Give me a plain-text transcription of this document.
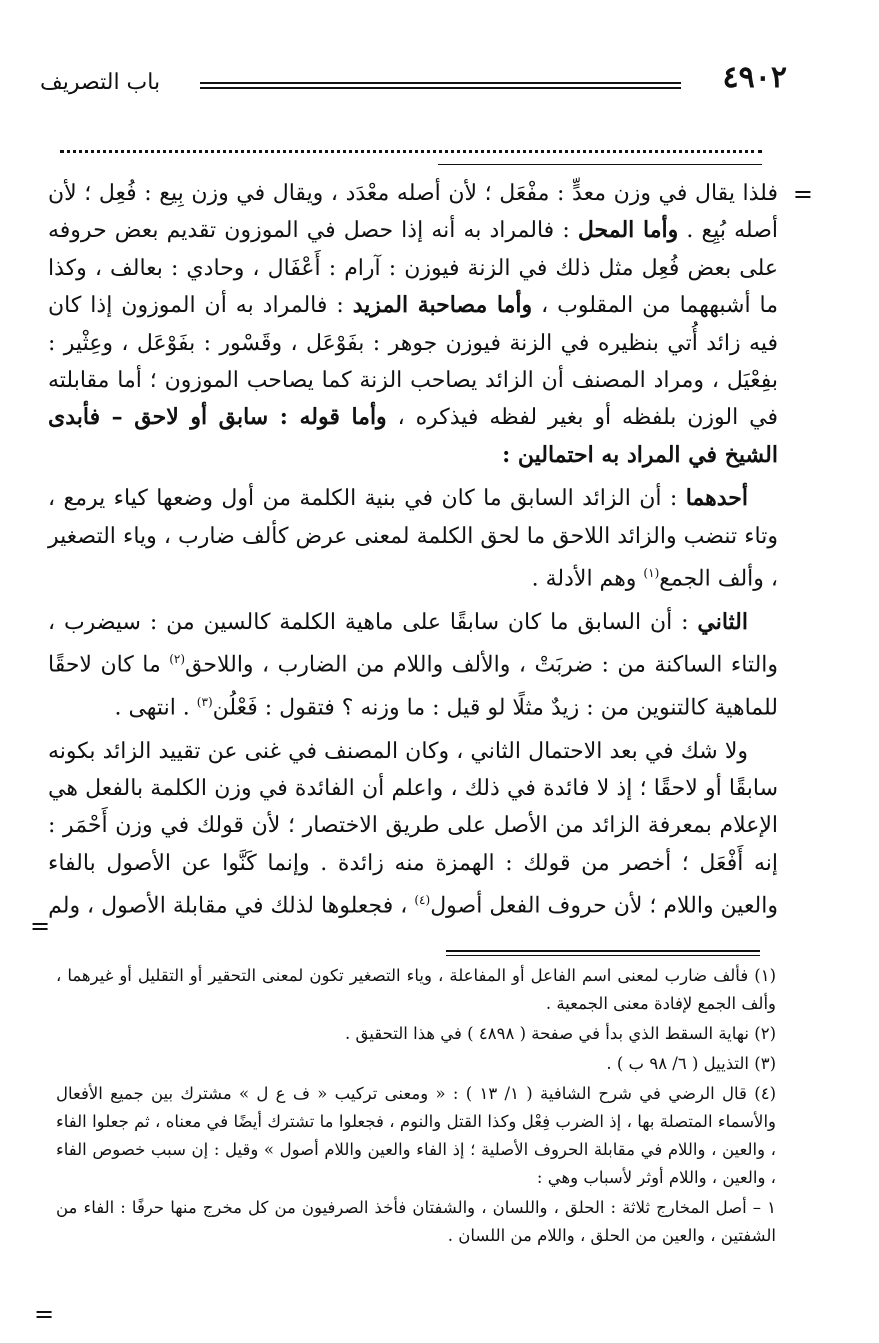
٤٩٠٢
باب التصريف
=

فلذا يقال في وزن معدٍّ : مفْعَل ؛ لأن أصله معْدَد ، ويقال في وزن بِيع : فُعِل ؛ لأن أصله بُيِع . وأما المحل : فالمراد به أنه إذا حصل في الموزون تقديم بعض حروفه على بعض فُعِل مثل ذلك في الزنة فيوزن : آرام : أَعْفَال ، وحادي : بعالف ، وكذا ما أشبههما من المقلوب ، وأما مصاحبة المزيد : فالمراد به أن الموزون إذا كان فيه زائد أُتي بنظيره في الزنة فيوزن جوهر : بفَوْعَل ، وقَسْور : بفَوْعَل ، وعِثْير : بفِعْيَل ، ومراد المصنف أن الزائد يصاحب الزنة كما يصاحب الموزون ؛ أما مقابلته في الوزن بلفظه أو بغير لفظه فيذكره ، وأما قوله : سابق أو لاحق – فأبدى الشيخ في المراد به احتمالين :

أحدهما : أن الزائد السابق ما كان في بنية الكلمة من أول وضعها كياء يرمع ، وتاء تنضب والزائد اللاحق ما لحق الكلمة لمعنى عرض كألف ضارب ، وياء التصغير ، وألف الجمع$^{(١)}$ وهم الأدلة .

الثاني : أن السابق ما كان سابقًا على ماهية الكلمة كالسين من : سيضرب ، والتاء الساكنة من : ضربَتْ ، والألف واللام من الضارب ، واللاحق$^{(٢)}$ ما كان لاحقًا للماهية كالتنوين من : زيدٌ مثلًا لو قيل : ما وزنه ؟ فتقول : فَعْلُن$^{(٣)}$ . انتهى .

ولا شك في بعد الاحتمال الثاني ، وكان المصنف في غنى عن تقييد الزائد بكونه سابقًا أو لاحقًا ؛ إذ لا فائدة في ذلك ، واعلم أن الفائدة في وزن الكلمة بالفعل هي الإعلام بمعرفة الزائد من الأصل على طريق الاختصار ؛ لأن قولك في وزن أَحْمَر : إنه أَفْعَل ؛ أخصر من قولك : الهمزة منه زائدة . وإنما كَنَّوا عن الأصول بالفاء والعين واللام ؛ لأن حروف الفعل أصول$^{(٤)}$ ، فجعلوها لذلك في مقابلة الأصول ، ولم

=

(١) فألف ضارب لمعنى اسم الفاعل أو المفاعلة ، وياء التصغير تكون لمعنى التحقير أو التقليل أو غيرهما ، وألف الجمع لإفادة معنى الجمعية .

(٢) نهاية السقط الذي بدأ في صفحة ( ٤٨٩٨ ) في هذا التحقيق .

(٣) التذييل ( ٦/ ٩٨ ب ) .

(٤) قال الرضي في شرح الشافية ( ١/ ١٣ ) : « ومعنى تركيب « ف ع ل » مشترك بين جميع الأفعال والأسماء المتصلة بها ، إذ الضرب فِعْل وكذا القتل والنوم ، فجعلوا ما تشترك أيضًا في معناه ، ثم جعلوا الفاء ، والعين ، واللام في مقابلة الحروف الأصلية ؛ إذ الفاء والعين واللام أصول » وقيل : إن سبب خصوص الفاء ، والعين ، واللام أوثر لأسباب وهي :

١ – أصل المخارج ثلاثة : الحلق ، واللسان ، والشفتان فأخذ الصرفيون من كل مخرج منها حرفًا : الفاء من الشفتين ، والعين من الحلق ، واللام من اللسان .

=
